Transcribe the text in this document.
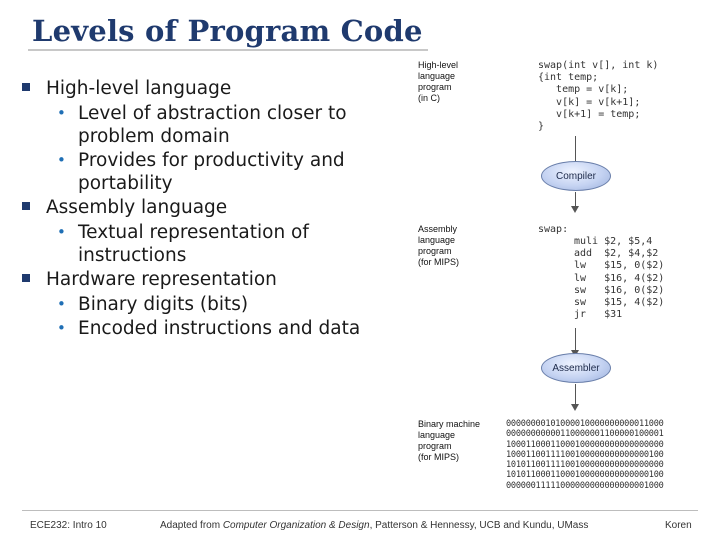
Levels of Program Code
High-level language
• Level of abstraction closer to problem domain
• Provides for productivity and portability
Assembly language
• Textual representation of instructions
Hardware representation
• Binary digits (bits)
• Encoded instructions and data
High-level
language
program
(in C)
swap(int v[], int k)
{int temp;
temp = v[k];
v[k] = v[k+1];
v[k+1] = temp;
}
Compiler
Assembly
language
program
(for MIPS)
swap:
muli $2, $5,4
add  $2, $4,$2
lw   $15, 0($2)
lw   $16, 4($2)
sw   $16, 0($2)
sw   $15, 4($2)
jr   $31
Assembler
Binary machine
language
program
(for MIPS)
00000000101000010000000000011000
00000000000110000001100000100001
10001100011000100000000000000000
10001100111100100000000000000100
10101100111100100000000000000000
10101100011000100000000000000100
00000011111000000000000000001000
ECE232: Intro 10	Adapted from Computer Organization & Design, Patterson & Hennessy, UCB and Kundu, UMass	Koren
